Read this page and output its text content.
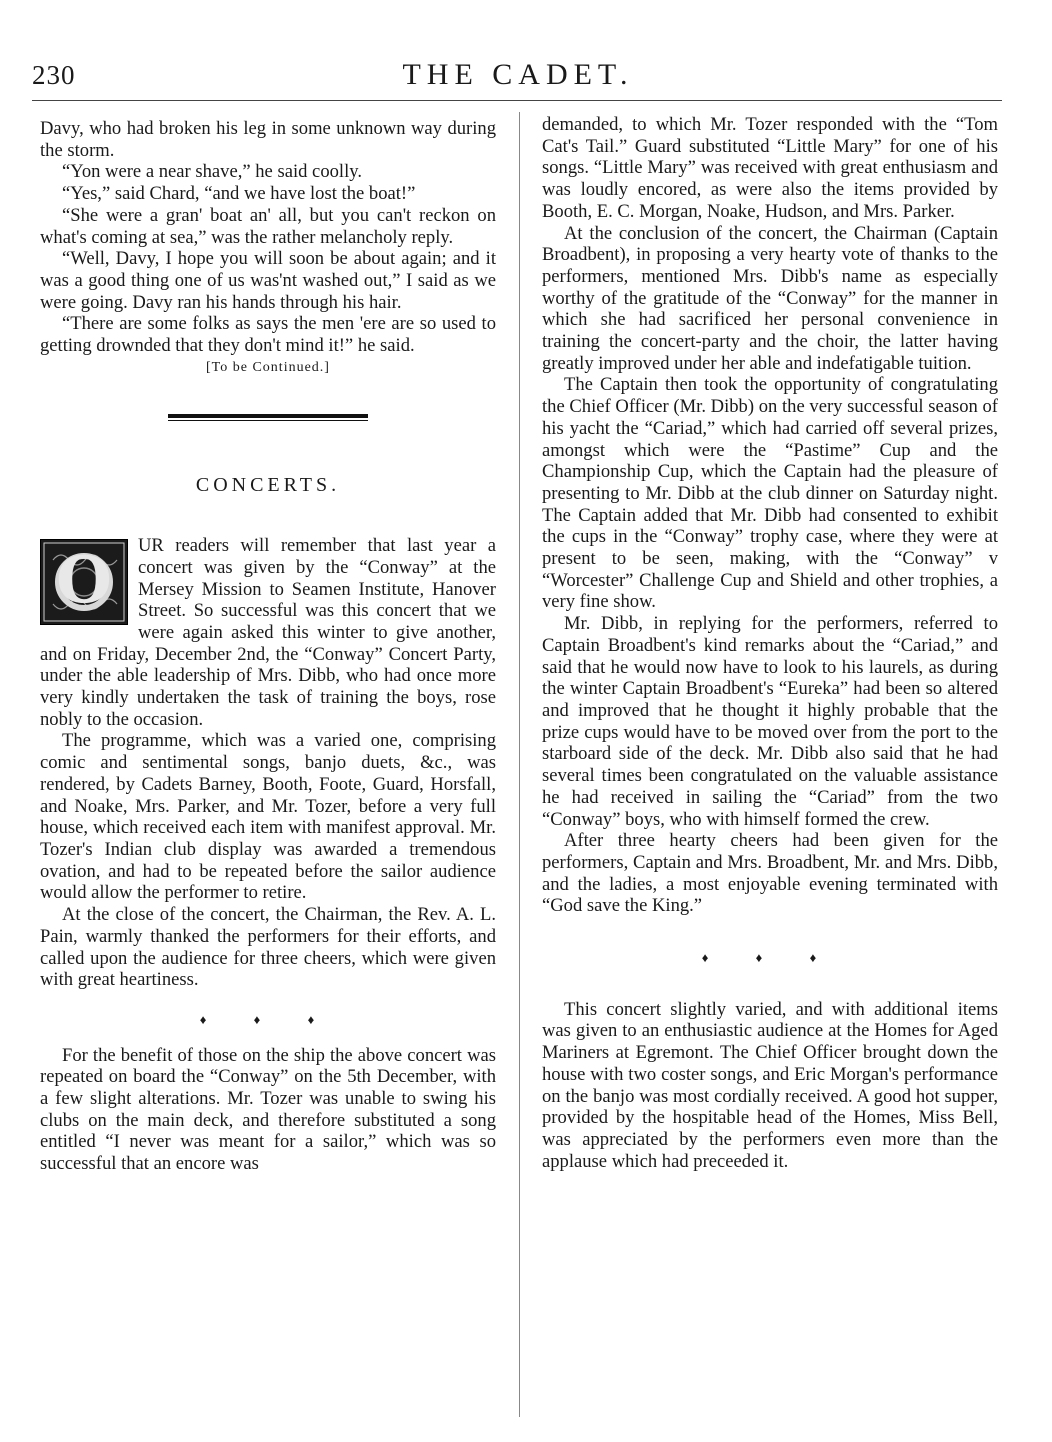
230	THE CADET.

Davy, who had broken his leg in some unknown way during the storm.

“Yon were a near shave,” he said coolly.

“Yes,” said Chard, “and we have lost the boat!”

“She were a gran' boat an' all, but you can't reckon on what's coming at sea,” was the rather melancholy reply.

“Well, Davy, I hope you will soon be about again; and it was a good thing one of us was'nt washed out,” I said as we were going. Davy ran his hands through his hair.

“There are some folks as says the men 'ere are so used to getting drownded that they don't mind it!” he said.

[To be Continued.]

CONCERTS.
O	UR readers will remember that last year a concert was given by the “Conway” at the Mersey Mission to Seamen Institute, Hanover Street. So successful was this concert that we were again asked this winter to give another, and on Friday, December 2nd, the “Conway” Concert Party, under the able leadership of Mrs. Dibb, who had once more very kindly undertaken the task of training the boys, rose nobly to the occasion.

The programme, which was a varied one, comprising comic and sentimental songs, banjo duets, &c., was rendered, by Cadets Barney, Booth, Foote, Guard, Horsfall, and Noake, Mrs. Parker, and Mr. Tozer, before a very full house, which received each item with manifest approval. Mr. Tozer's Indian club display was awarded a tremendous ovation, and had to be repeated before the sailor audience would allow the performer to retire.

At the close of the concert, the Chairman, the Rev. A. L. Pain, warmly thanked the performers for their efforts, and called upon the audience for three cheers, which were given with great heartiness.

♦ ♦ ♦

For the benefit of those on the ship the above concert was repeated on board the “Conway” on the 5th December, with a few slight alterations. Mr. Tozer was unable to swing his clubs on the main deck, and therefore substituted a song entitled “I never was meant for a sailor,” which was so successful that an encore was

demanded, to which Mr. Tozer responded with the “Tom Cat's Tail.” Guard substituted “Little Mary” for one of his songs. “Little Mary” was received with great enthusiasm and was loudly encored, as were also the items provided by Booth, E. C. Morgan, Noake, Hudson, and Mrs. Parker.

At the conclusion of the concert, the Chairman (Captain Broadbent), in proposing a very hearty vote of thanks to the performers, mentioned Mrs. Dibb's name as especially worthy of the gratitude of the “Conway” for the manner in which she had sacrificed her personal convenience in training the concert-party and the choir, the latter having greatly improved under her able and indefatigable tuition.

The Captain then took the opportunity of congratulating the Chief Officer (Mr. Dibb) on the very successful season of his yacht the “Cariad,” which had carried off several prizes, amongst which were the “Pastime” Cup and the Championship Cup, which the Captain had the pleasure of presenting to Mr. Dibb at the club dinner on Saturday night. The Captain added that Mr. Dibb had consented to exhibit the cups in the “Conway” trophy case, where they were at present to be seen, making, with the “Conway” v “Worcester” Challenge Cup and Shield and other trophies, a very fine show.

Mr. Dibb, in replying for the performers, referred to Captain Broadbent's kind remarks about the “Cariad,” and said that he would now have to look to his laurels, as during the winter Captain Broadbent's “Eureka” had been so altered and improved that he thought it highly probable that the prize cups would have to be moved over from the port to the starboard side of the deck. Mr. Dibb also said that he had several times been congratulated on the valuable assistance he had received in sailing the “Cariad” from the two “Conway” boys, who with himself formed the crew.

After three hearty cheers had been given for the performers, Captain and Mrs. Broadbent, Mr. and Mrs. Dibb, and the ladies, a most enjoyable evening terminated with “God save the King.”

♦ ♦ ♦

This concert slightly varied, and with additional items was given to an enthusiastic audience at the Homes for Aged Mariners at Egremont. The Chief Officer brought down the house with two coster songs, and Eric Morgan's performance on the banjo was most cordially received. A good hot supper, provided by the hospitable head of the Homes, Miss Bell, was appreciated by the performers even more than the applause which had preceeded it.
